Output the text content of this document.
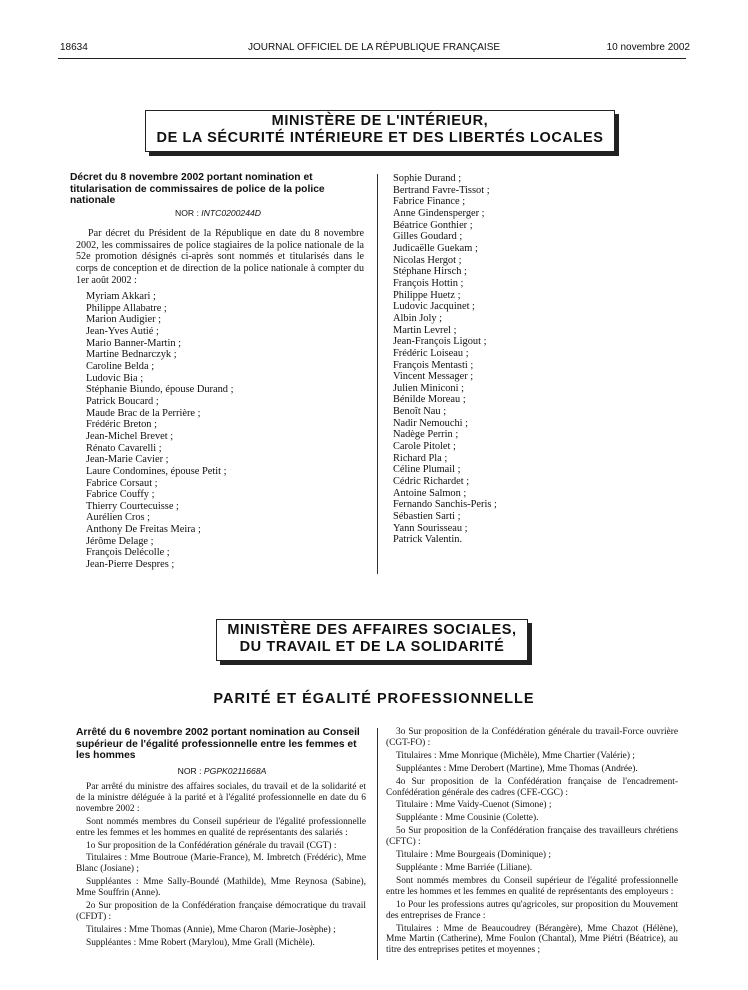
18634	JOURNAL OFFICIEL DE LA RÉPUBLIQUE FRANÇAISE	10 novembre 2002
MINISTÈRE DE L'INTÉRIEUR,
DE LA SÉCURITÉ INTÉRIEURE ET DES LIBERTÉS LOCALES
Décret du 8 novembre 2002 portant nomination et titularisation de commissaires de police de la police nationale
NOR : INTC0200244D
Par décret du Président de la République en date du 8 novembre 2002, les commissaires de police stagiaires de la police nationale de la 52e promotion désignés ci-après sont nommés et titularisés dans le corps de conception et de direction de la police nationale à compter du 1er août 2002 :
Myriam Akkari ;
Philippe Allabatre ;
Marion Audigier ;
Jean-Yves Autié ;
Mario Banner-Martin ;
Martine Bednarczyk ;
Caroline Belda ;
Ludovic Bia ;
Stéphanie Biundo, épouse Durand ;
Patrick Boucard ;
Maude Brac de la Perrière ;
Frédéric Breton ;
Jean-Michel Brevet ;
Rénato Cavarelli ;
Jean-Marie Cavier ;
Laure Condomines, épouse Petit ;
Fabrice Corsaut ;
Fabrice Couffy ;
Thierry Courtecuisse ;
Aurélien Cros ;
Anthony De Freitas Meira ;
Jérôme Delage ;
François Delécolle ;
Jean-Pierre Despres ;
Sophie Durand ;
Bertrand Favre-Tissot ;
Fabrice Finance ;
Anne Gindensperger ;
Béatrice Gonthier ;
Gilles Goudard ;
Judicaëlle Guekam ;
Nicolas Hergot ;
Stéphane Hirsch ;
François Hottin ;
Philippe Huetz ;
Ludovic Jacquinet ;
Albin Joly ;
Martin Levrel ;
Jean-François Ligout ;
Frédéric Loiseau ;
François Mentasti ;
Vincent Messager ;
Julien Miniconi ;
Bénilde Moreau ;
Benoît Nau ;
Nadir Nemouchi ;
Nadège Perrin ;
Carole Pitolet ;
Richard Pla ;
Céline Plumail ;
Cédric Richardet ;
Antoine Salmon ;
Fernando Sanchis-Peris ;
Sébastien Sarti ;
Yann Sourisseau ;
Patrick Valentin.
MINISTÈRE DES AFFAIRES SOCIALES,
DU TRAVAIL ET DE LA SOLIDARITÉ
PARITÉ ET ÉGALITÉ PROFESSIONNELLE
Arrêté du 6 novembre 2002 portant nomination au Conseil supérieur de l'égalité professionnelle entre les femmes et les hommes
NOR : PGPK0211668A

Par arrêté du ministre des affaires sociales, du travail et de la solidarité et de la ministre déléguée à la parité et à l'égalité professionnelle en date du 6 novembre 2002 :

Sont nommés membres du Conseil supérieur de l'égalité professionnelle entre les femmes et les hommes en qualité de représentants des salariés :

1o Sur proposition de la Confédération générale du travail (CGT) :

Titulaires : Mme Boutroue (Marie-France), M. Imbretch (Frédéric), Mme Blanc (Josiane) ;

Suppléantes : Mme Sally-Boundé (Mathilde), Mme Reynosa (Sabine), Mme Souffrin (Anne).

2o Sur proposition de la Confédération française démocratique du travail (CFDT) :

Titulaires : Mme Thomas (Annie), Mme Charon (Marie-Josèphe) ;

Suppléantes : Mme Robert (Marylou), Mme Grall (Michèle).

3o Sur proposition de la Confédération générale du travail-Force ouvrière (CGT-FO) :

Titulaires : Mme Monrique (Michèle), Mme Chartier (Valérie) ;

Suppléantes : Mme Derobert (Martine), Mme Thomas (Andrée).

4o Sur proposition de la Confédération française de l'encadrement-Confédération générale des cadres (CFE-CGC) :

Titulaire : Mme Vaidy-Cuenot (Simone) ;

Suppléante : Mme Cousinie (Colette).

5o Sur proposition de la Confédération française des travailleurs chrétiens (CFTC) :

Titulaire : Mme Bourgeais (Dominique) ;

Suppléante : Mme Barriée (Liliane).

Sont nommés membres du Conseil supérieur de l'égalité professionnelle entre les hommes et les femmes en qualité de représentants des employeurs :

1o Pour les professions autres qu'agricoles, sur proposition du Mouvement des entreprises de France :

Titulaires : Mme de Beaucoudrey (Bérangère), Mme Chazot (Hélène), Mme Martin (Catherine), Mme Foulon (Chantal), Mme Piétri (Béatrice), au titre des entreprises petites et moyennes ;
